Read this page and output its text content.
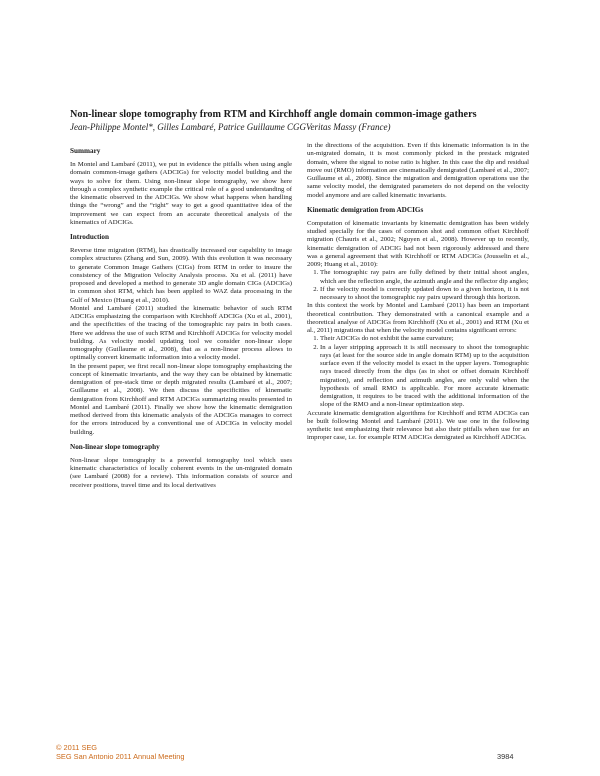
Non-linear slope tomography from RTM and Kirchhoff angle domain common-image gathers
Jean-Philippe Montel*, Gilles Lambaré, Patrice Guillaume CGGVeritas Massy (France)
Summary

In Montel and Lambaré (2011), we put in evidence the pitfalls when using angle domain common-image gathers (ADCIGs) for velocity model building and the ways to solve for them. Using non-linear slope tomography, we show here through a complex synthetic example the critical role of a good understanding of the kinematic observed in the ADCIGs. We show what happens when handling things the “wrong” and the “right” way to get a good quantitative idea of the improvement we can expect from an accurate theoretical analysis of the kinematics of ADCIGs.

Introduction

Reverse time migration (RTM), has drastically increased our capability to image complex structures (Zhang and Sun, 2009). With this evolution it was necessary to generate Common Image Gathers (CIGs) from RTM in order to insure the consistency of the Migration Velocity Analysis process. Xu et al. (2011) have proposed and developed a method to generate 3D angle domain CIGs (ADCIGs) in common shot RTM, which has been applied to WAZ data processing in the Gulf of Mexico (Huang et al., 2010).

Montel and Lambaré (2011) studied the kinematic behavior of such RTM ADCIGs emphasizing the comparison with Kirchhoff ADCIGs (Xu et al., 2001), and the specificities of the tracing of the tomographic ray pairs in both cases. Here we address the use of such RTM and Kirchhoff ADCIGs for velocity model building. As velocity model updating tool we consider non-linear slope tomography (Guillaume et al., 2008), that as a non-linear process allows to optimally convert kinematic information into a velocity model.

In the present paper, we first recall non-linear slope tomography emphasizing the concept of kinematic invariants, and the way they can be obtained by kinematic demigration of pre-stack time or depth migrated results (Lambaré et al., 2007; Guillaume et al., 2008). We then discuss the specificities of kinematic demigration from Kirchhoff and RTM ADCIGs summarizing results presented in Montel and Lambaré (2011). Finally we show how the kinematic demigration method derived from this kinematic analysis of the ADCIGs manages to correct for the errors introduced by a conventional use of ADCIGs in velocity model building.

Non-linear slope tomography

Non-linear slope tomography is a powerful tomography tool which uses kinematic characteristics of locally coherent events in the un-migrated domain (see Lambaré (2008) for a review). This information consists of source and receiver positions, travel time and its local derivatives

in the directions of the acquisition. Even if this kinematic information is in the un-migrated domain, it is most commonly picked in the prestack migrated domain, where the signal to noise ratio is higher. In this case the dip and residual move out (RMO) information are cinematically demigrated (Lambaré et al., 2007; Guillaume et al., 2008). Since the migration and demigration operations use the same velocity model, the demigrated parameters do not depend on the velocity model anymore and are called kinematic invariants.

Kinematic demigration from ADCIGs

Computation of kinematic invariants by kinematic demigration has been widely studied specially for the cases of common shot and common offset Kirchhoff migration (Chauris et al., 2002; Nguyen et al., 2008). However up to recently, kinematic demigration of ADCIG had not been rigorously addressed and there was a general agreement that with Kirchhoff or RTM ADCIGs (Jousselin et al., 2009; Huang et al., 2010):

1. The tomographic ray pairs are fully defined by their initial shoot angles, which are the reflection angle, the azimuth angle and the reflector dip angles;
2. If the velocity model is correctly updated down to a given horizon, it is not necessary to shoot the tomographic ray pairs upward through this horizon.

In this context the work by Montel and Lambaré (2011) has been an important theoretical contribution. They demonstrated with a canonical example and a theoretical analyse of ADCIGs from Kirchhoff (Xu et al., 2001) and RTM (Xu et al., 2011) migrations that when the velocity model contains significant errors:

1. Their ADCIGs do not exhibit the same curvature;
2. In a layer stripping approach it is still necessary to shoot the tomographic rays (at least for the source side in angle domain RTM) up to the acquisition surface even if the velocity model is exact in the upper layers. Tomographic rays traced directly from the dips (as in shot or offset domain Kirchhoff migration), and reflection and azimuth angles, are only valid when the hypothesis of small RMO is applicable. For more accurate kinematic demigration, it requires to be traced with the additional information of the slope of the RMO and a non-linear optimization step.

Accurate kinematic demigration algorithms for Kirchhoff and RTM ADCIGs can be built following Montel and Lambaré (2011). We use one in the following synthetic test emphasizing their relevance but also their pitfalls when use for an improper case, i.e. for example RTM ADCIGs demigrated as Kirchhoff ADCIGs.

© 2011 SEG
SEG San Antonio 2011 Annual Meeting	3984
